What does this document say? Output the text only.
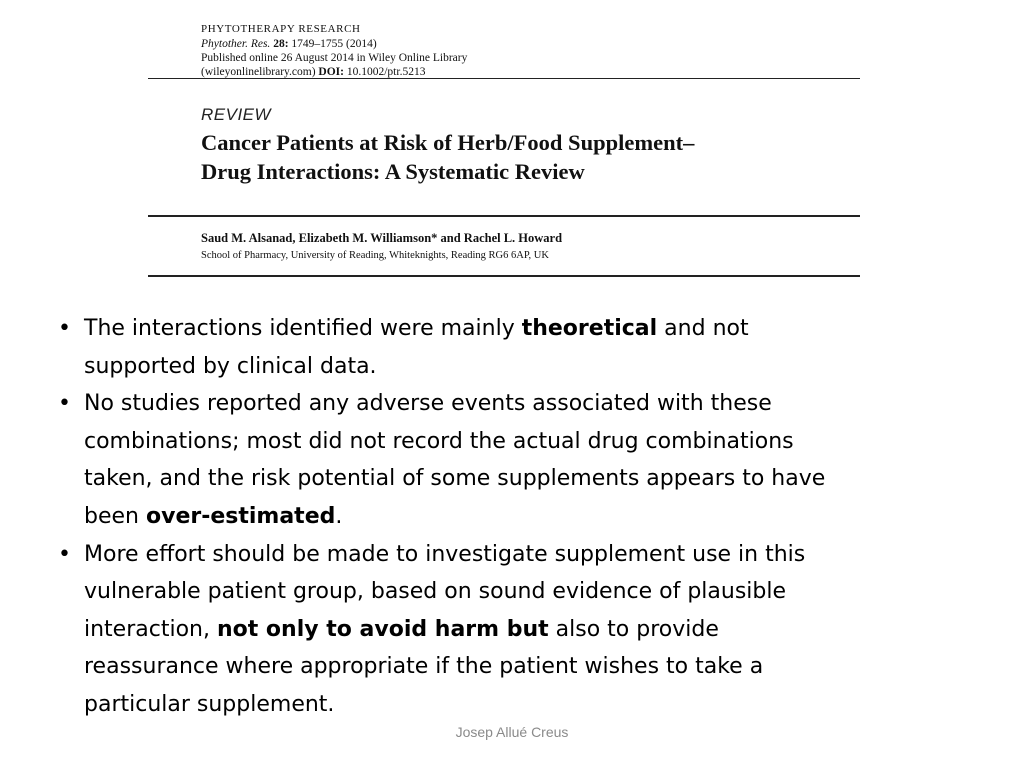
PHYTOTHERAPY RESEARCH
Phytother. Res. 28: 1749–1755 (2014)
Published online 26 August 2014 in Wiley Online Library
(wileyonlinelibrary.com) DOI: 10.1002/ptr.5213
REVIEW
Cancer Patients at Risk of Herb/Food Supplement–
Drug Interactions: A Systematic Review
Saud M. Alsanad, Elizabeth M. Williamson* and Rachel L. Howard
School of Pharmacy, University of Reading, Whiteknights, Reading RG6 6AP, UK
• The interactions identified were mainly theoretical and not
supported by clinical data.
• No studies reported any adverse events associated with these
combinations; most did not record the actual drug combinations
taken, and the risk potential of some supplements appears to have
been over-estimated.
• More effort should be made to investigate supplement use in this
vulnerable patient group, based on sound evidence of plausible
interaction, not only to avoid harm but also to provide
reassurance where appropriate if the patient wishes to take a
particular supplement.
Josep Allué Creus
